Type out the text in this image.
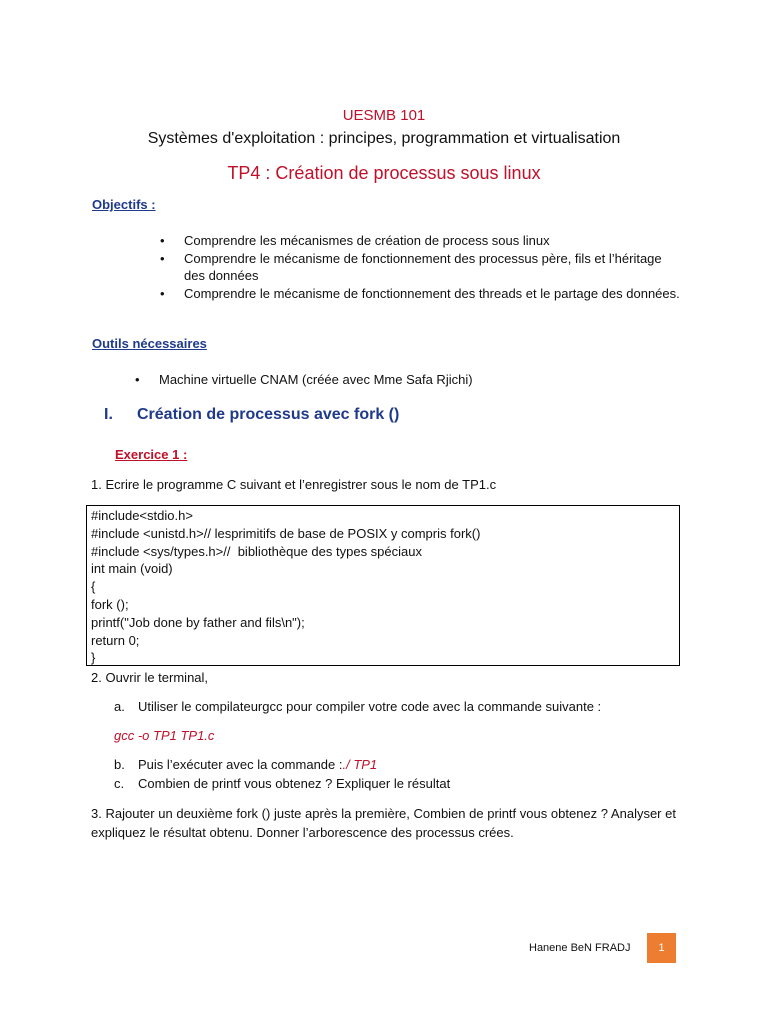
UESMB 101
Systèmes d'exploitation : principes, programmation et virtualisation
TP4 : Création de processus sous linux
Objectifs :
• Comprendre les mécanismes de création de process sous linux
• Comprendre le mécanisme de fonctionnement des processus père, fils et l’héritage des données
• Comprendre le mécanisme de fonctionnement des threads et le partage des données.
Outils nécessaires
• Machine virtuelle CNAM (créée avec Mme Safa Rjichi)
I. Création de processus avec fork ()
Exercice 1 :
1. Ecrire le programme C suivant et l’enregistrer sous le nom de TP1.c
#include<stdio.h>
#include <unistd.h>// lesprimitifs de base de POSIX y compris fork()
#include <sys/types.h>//  bibliothèque des types spéciaux
int main (void)
{
fork ();
printf("Job done by father and fils\n");
return 0;
}
2. Ouvrir le terminal,
a. Utiliser le compilateurgcc pour compiler votre code avec la commande suivante :
gcc -o TP1 TP1.c
b. Puis l’exécuter avec la commande :./ TP1
c. Combien de printf vous obtenez ? Expliquer le résultat
3. Rajouter un deuxième fork () juste après la première, Combien de printf vous obtenez ? Analyser et expliquez le résultat obtenu. Donner l’arborescence des processus crées.
Hanene BeN FRADJ	1
